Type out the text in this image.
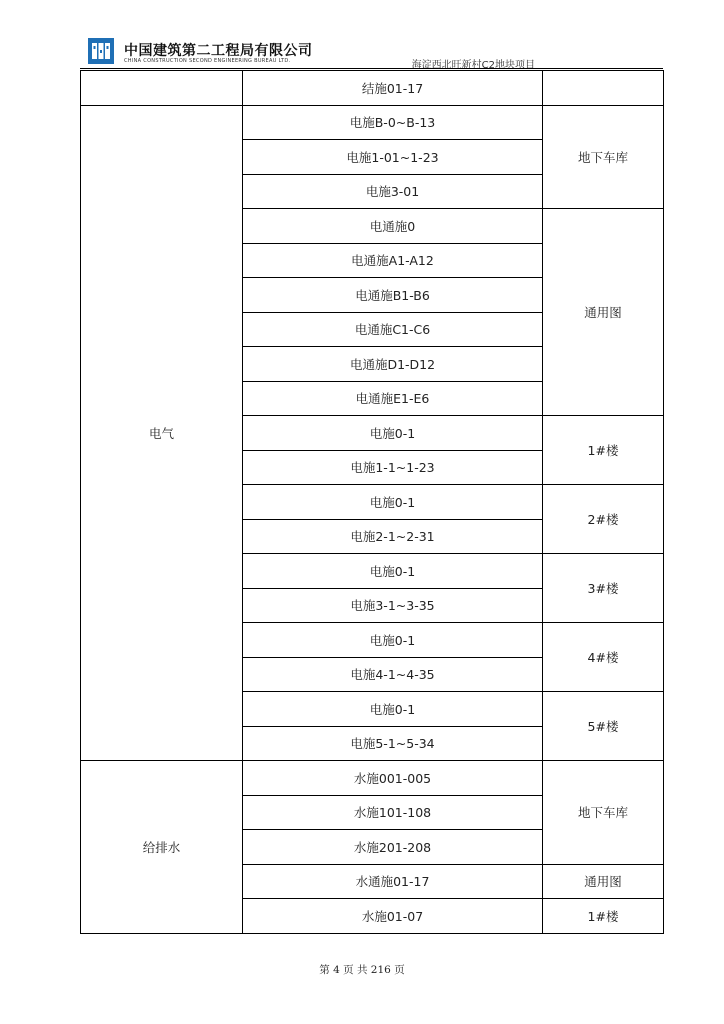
中国建筑第二工程局有限公司
CHINA CONSTRUCTION SECOND ENGINEERING BUREAU LTD.	海淀西北旺新村C2地块项目
	结施01-17	
电气	电施B-0~B-13	地下车库
	电施1-01~1-23	
	电施3-01	
	电通施0	通用图
	电通施A1-A12	
	电通施B1-B6	
	电通施C1-C6	
	电通施D1-D12	
	电通施E1-E6	
	电施0-1	1#楼
	电施1-1~1-23	
	电施0-1	2#楼
	电施2-1~2-31	
	电施0-1	3#楼
	电施3-1~3-35	
	电施0-1	4#楼
	电施4-1~4-35	
	电施0-1	5#楼
	电施5-1~5-34	
给排水	水施001-005	地下车库
	水施101-108	
	水施201-208	
	水通施01-17	通用图
	水施01-07	1#楼
第 4 页 共 216 页
